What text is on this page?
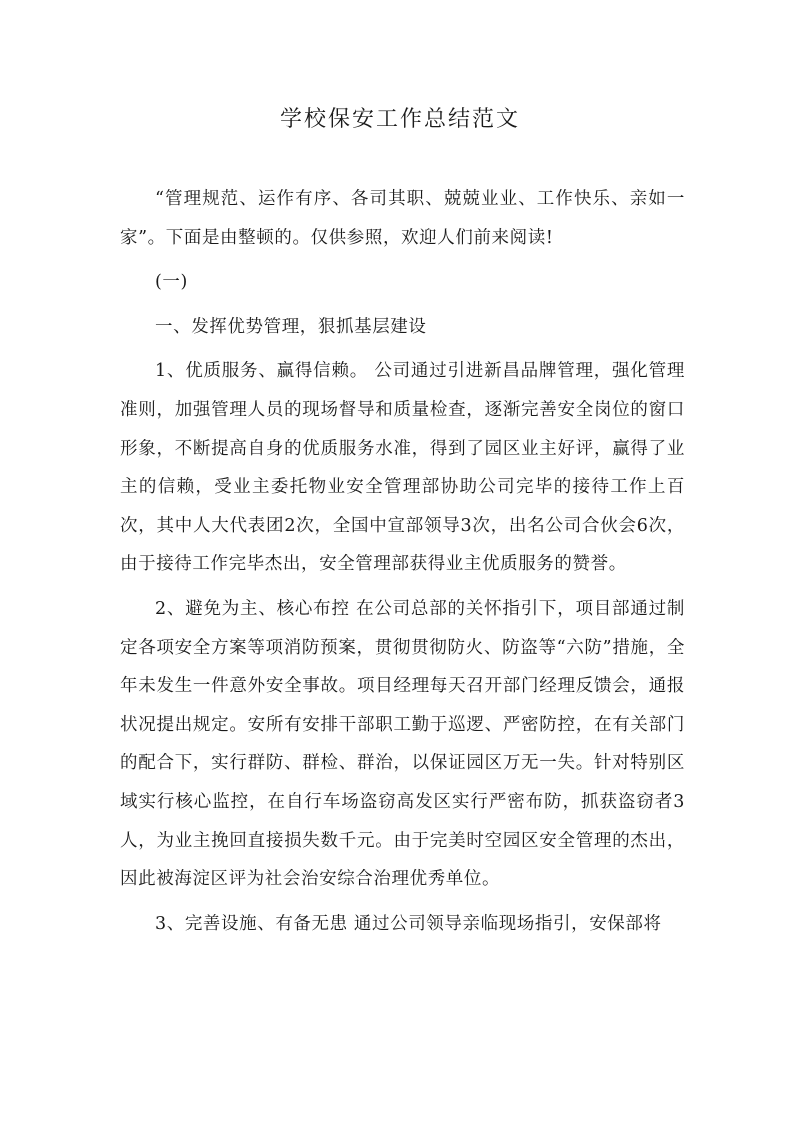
学校保安工作总结范文

“管理规范、运作有序、各司其职、兢兢业业、工作快乐、亲如一家”。下面是由整顿的。仅供参照，欢迎人们前来阅读!

(一)

一、发挥优势管理，狠抓基层建设

1、优质服务、赢得信赖。 公司通过引进新昌品牌管理，强化管理准则，加强管理人员的现场督导和质量检查，逐渐完善安全岗位的窗口形象，不断提高自身的优质服务水准，得到了园区业主好评，赢得了业主的信赖，受业主委托物业安全管理部协助公司完毕的接待工作上百次，其中人大代表团2次，全国中宣部领导3次，出名公司合伙会6次，由于接待工作完毕杰出，安全管理部获得业主优质服务的赞誉。

2、避免为主、核心布控 在公司总部的关怀指引下，项目部通过制定各项安全方案等项消防预案，贯彻贯彻防火、防盗等“六防”措施，全年未发生一件意外安全事故。项目经理每天召开部门经理反馈会，通报状况提出规定。安所有安排干部职工勤于巡逻、严密防控，在有关部门的配合下，实行群防、群检、群治，以保证园区万无一失。针对特别区域实行核心监控，在自行车场盗窃高发区实行严密布防，抓获盗窃者3人，为业主挽回直接损失数千元。由于完美时空园区安全管理的杰出，因此被海淀区评为社会治安综合治理优秀单位。

3、完善设施、有备无患 通过公司领导亲临现场指引，安保部将
